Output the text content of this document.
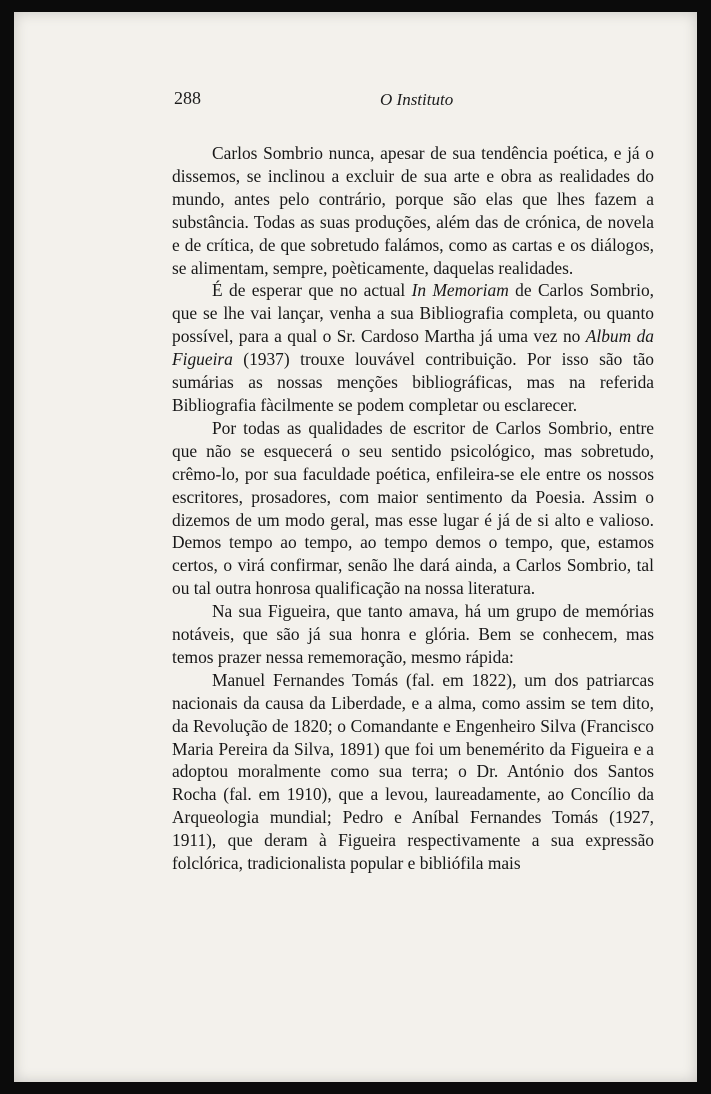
288	O Instituto

Carlos Sombrio nunca, apesar de sua tendência poética, e já o dissemos, se inclinou a excluir de sua arte e obra as realidades do mundo, antes pelo contrário, porque são elas que lhes fazem a substância. Todas as suas produções, além das de crónica, de novela e de crítica, de que sobretudo falámos, como as cartas e os diálogos, se alimentam, sempre, poèticamente, daquelas realidades.

É de esperar que no actual In Memoriam de Carlos Sombrio, que se lhe vai lançar, venha a sua Bibliografia completa, ou quanto possível, para a qual o Sr. Cardoso Martha já uma vez no Album da Figueira (1937) trouxe louvável contribuição. Por isso são tão sumárias as nossas menções bibliográficas, mas na referida Bibliografia fàcilmente se podem completar ou esclarecer.

Por todas as qualidades de escritor de Carlos Sombrio, entre que não se esquecerá o seu sentido psicológico, mas sobretudo, crêmo-lo, por sua faculdade poética, enfileira-se ele entre os nossos escritores, prosadores, com maior sentimento da Poesia. Assim o dizemos de um modo geral, mas esse lugar é já de si alto e valioso. Demos tempo ao tempo, ao tempo demos o tempo, que, estamos certos, o virá confirmar, senão lhe dará ainda, a Carlos Sombrio, tal ou tal outra honrosa qualificação na nossa literatura.

Na sua Figueira, que tanto amava, há um grupo de memórias notáveis, que são já sua honra e glória. Bem se conhecem, mas temos prazer nessa rememoração, mesmo rápida:

Manuel Fernandes Tomás (fal. em 1822), um dos patriarcas nacionais da causa da Liberdade, e a alma, como assim se tem dito, da Revolução de 1820; o Comandante e Engenheiro Silva (Francisco Maria Pereira da Silva, 1891) que foi um benemérito da Figueira e a adoptou moralmente como sua terra; o Dr. António dos Santos Rocha (fal. em 1910), que a levou, laureadamente, ao Concílio da Arqueologia mundial; Pedro e Aníbal Fernandes Tomás (1927, 1911), que deram à Figueira respectivamente a sua expressão folclórica, tradicionalista popular e bibliófila mais
